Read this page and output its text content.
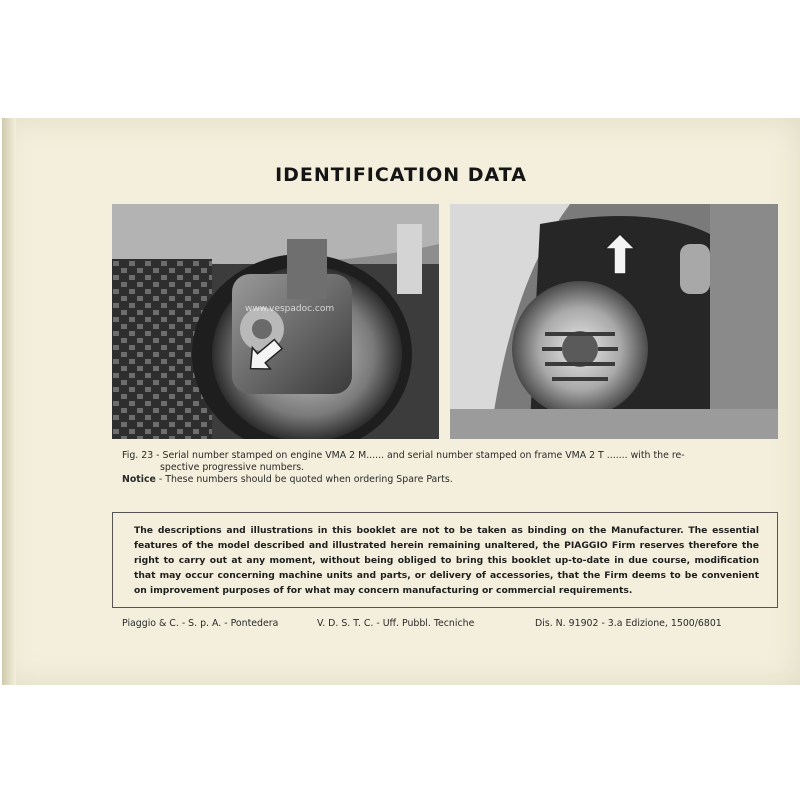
IDENTIFICATION DATA
www.vespadoc.com
Fig. 23 - Serial number stamped on engine VMA 2 M...... and serial number stamped on frame VMA 2 T ....... with the re-
spective progressive numbers.
Notice - These numbers should be quoted when ordering Spare Parts.
The descriptions and illustrations in this booklet are not to be taken as binding on the Manufacturer. The essential features of the model described and illustrated herein remaining unaltered, the PIAGGIO Firm reserves therefore the right to carry out at any moment, without being obliged to bring this booklet up-to-date in due course, modification that may occur concerning machine units and parts, or delivery of accessories, that the Firm deems to be convenient on improvement purposes of for what may concern manufacturing or commercial requirements.
Piaggio & C. - S. p. A. - Pontedera	V. D. S. T. C. - Uff. Pubbl. Tecniche	Dis. N. 91902 - 3.a Edizione, 1500/6801
